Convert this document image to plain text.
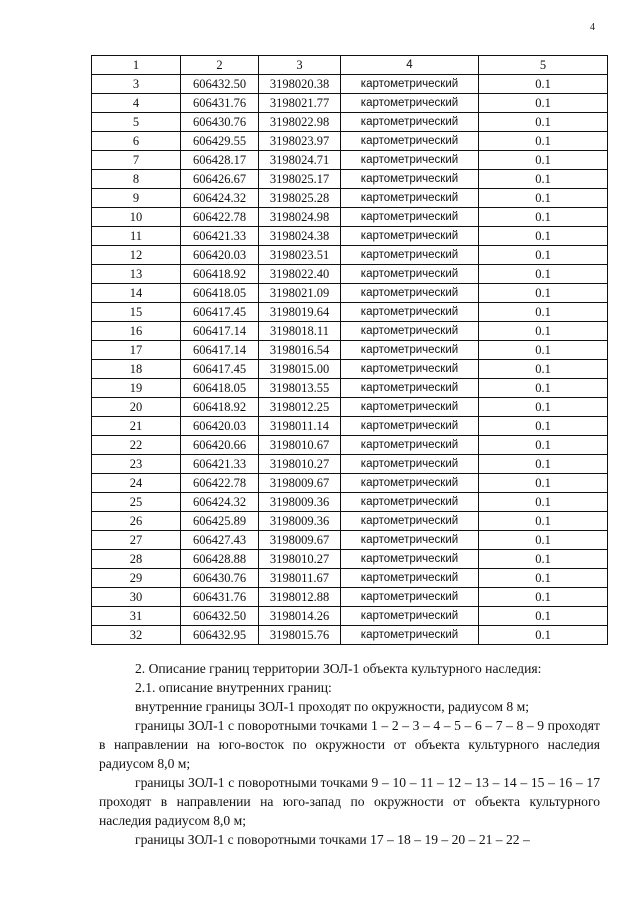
4
1	2	3	4	5
3	606432.50	3198020.38	картометрический	0.1
4	606431.76	3198021.77	картометрический	0.1
5	606430.76	3198022.98	картометрический	0.1
6	606429.55	3198023.97	картометрический	0.1
7	606428.17	3198024.71	картометрический	0.1
8	606426.67	3198025.17	картометрический	0.1
9	606424.32	3198025.28	картометрический	0.1
10	606422.78	3198024.98	картометрический	0.1
11	606421.33	3198024.38	картометрический	0.1
12	606420.03	3198023.51	картометрический	0.1
13	606418.92	3198022.40	картометрический	0.1
14	606418.05	3198021.09	картометрический	0.1
15	606417.45	3198019.64	картометрический	0.1
16	606417.14	3198018.11	картометрический	0.1
17	606417.14	3198016.54	картометрический	0.1
18	606417.45	3198015.00	картометрический	0.1
19	606418.05	3198013.55	картометрический	0.1
20	606418.92	3198012.25	картометрический	0.1
21	606420.03	3198011.14	картометрический	0.1
22	606420.66	3198010.67	картометрический	0.1
23	606421.33	3198010.27	картометрический	0.1
24	606422.78	3198009.67	картометрический	0.1
25	606424.32	3198009.36	картометрический	0.1
26	606425.89	3198009.36	картометрический	0.1
27	606427.43	3198009.67	картометрический	0.1
28	606428.88	3198010.27	картометрический	0.1
29	606430.76	3198011.67	картометрический	0.1
30	606431.76	3198012.88	картометрический	0.1
31	606432.50	3198014.26	картометрический	0.1
32	606432.95	3198015.76	картометрический	0.1

2. Описание границ территории ЗОЛ-1 объекта культурного наследия:

2.1. описание внутренних границ:

внутренние границы ЗОЛ-1 проходят по окружности, радиусом 8 м;

границы ЗОЛ-1 с поворотными точками 1 – 2 – 3 – 4 – 5 – 6 – 7 – 8 – 9 проходят в направлении на юго-восток по окружности от объекта культурного наследия радиусом 8,0 м;

границы ЗОЛ-1 с поворотными точками 9 – 10 – 11 – 12 – 13 – 14 – 15 – 16 – 17 проходят в направлении на юго-запад по окружности от объекта культурного наследия радиусом 8,0 м;

границы ЗОЛ-1 с поворотными точками 17 – 18 – 19 – 20 – 21 – 22 –
